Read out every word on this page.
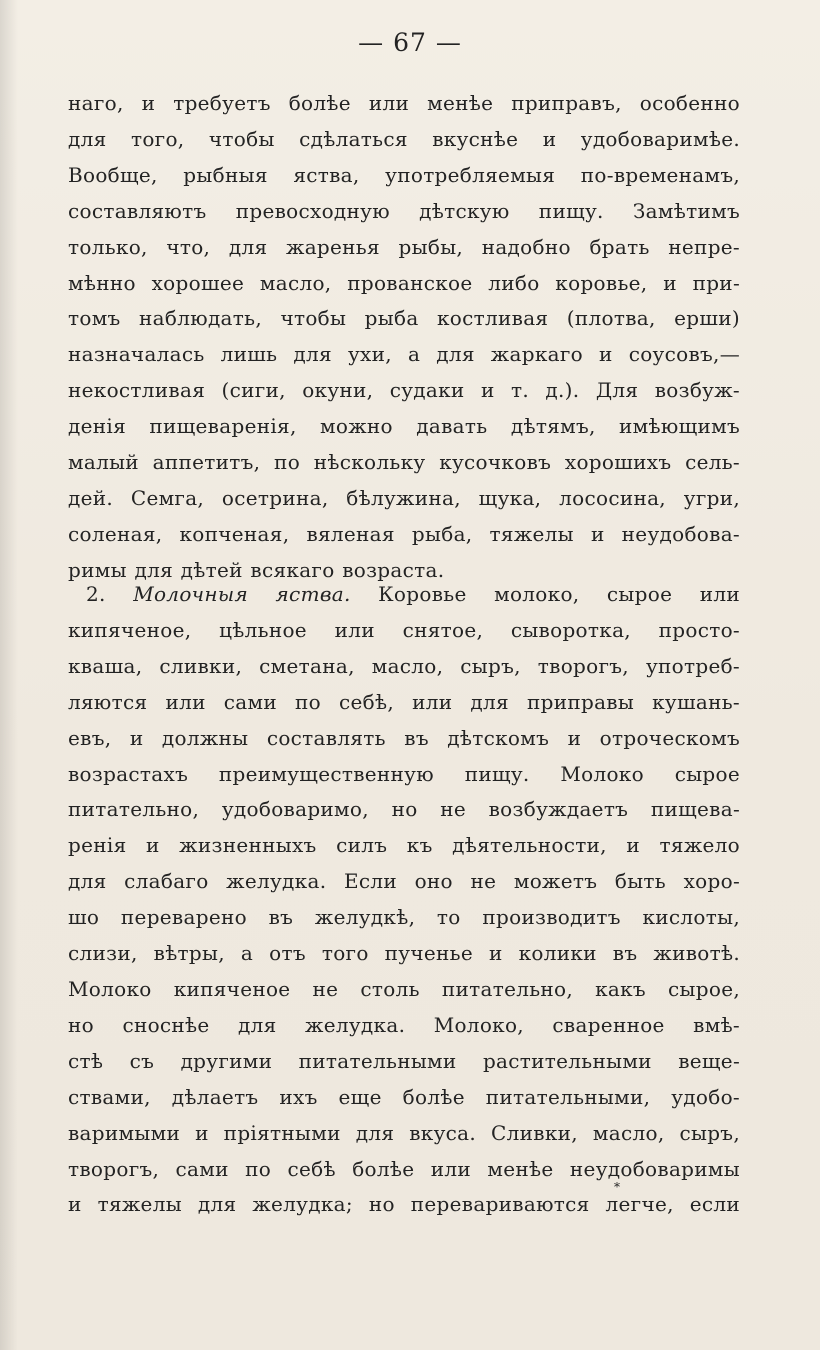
— 67 —
наго, и требуетъ болѣе или менѣе приправъ, особенно
для того, чтобы сдѣлаться вкуснѣе и удобоваримѣе.
Вообще, рыбныя яства, употребляемыя по-временамъ,
составляютъ превосходную дѣтскую пищу. Замѣтимъ
только, что, для жаренья рыбы, надобно брать непре-
мѣнно хорошее масло, прованское либо коровье, и при-
томъ наблюдать, чтобы рыба костливая (плотва, ерши)
назначалась лишь для ухи, а для жаркаго и соусовъ,—
некостливая (сиги, окуни, судаки и т. д.). Для возбуж-
денія пищеваренія, можно давать дѣтямъ, имѣющимъ
малый аппетитъ, по нѣскольку кусочковъ хорошихъ сель-
дей. Семга, осетрина, бѣлужина, щука, лососина, угри,
соленая, копченая, вяленая рыба, тяжелы и неудобова-
римы для дѣтей всякаго возраста.
2. Молочныя яства. Коровье молоко, сырое или
кипяченое, цѣльное или снятое, сыворотка, просто-
кваша, сливки, сметана, масло, сыръ, творогъ, употреб-
ляются или сами по себѣ, или для приправы кушань-
евъ, и должны составлять въ дѣтскомъ и отроческомъ
возрастахъ преимущественную пищу. Молоко сырое
питательно, удобоваримо, но не возбуждаетъ пищева-
ренія и жизненныхъ силъ къ дѣятельности, и тяжело
для слабаго желудка. Если оно не можетъ быть хоро-
шо переварено въ желудкѣ, то производитъ кислоты,
слизи, вѣтры, а отъ того пученье и колики въ животѣ.
Молоко кипяченое не столь питательно, какъ сырое,
но сноснѣе для желудка. Молоко, сваренное вмѣ-
стѣ съ другими питательными растительными веще-
ствами, дѣлаетъ ихъ еще болѣе питательными, удобо-
варимыми и пріятными для вкуса. Сливки, масло, сыръ,
творогъ, сами по себѣ болѣе или менѣе неудобоваримы
и тяжелы для желудка; но перевариваются легче, если
*
